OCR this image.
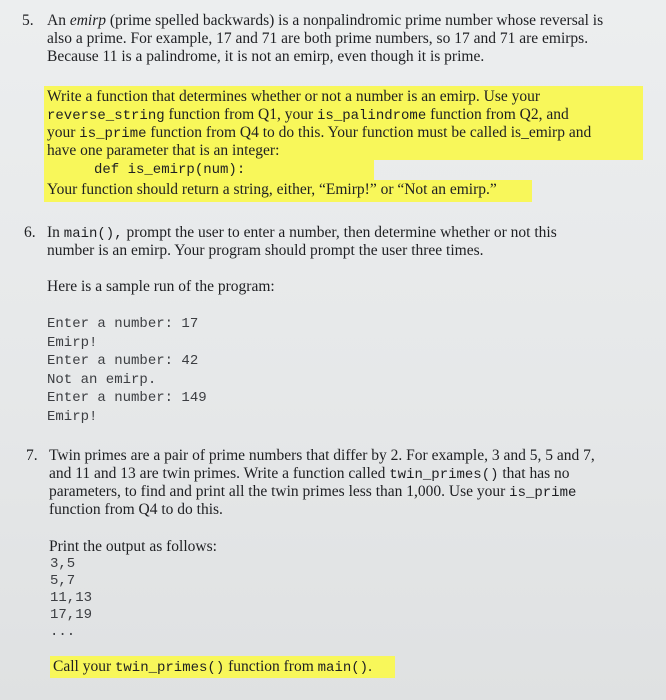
5. An emirp (prime spelled backwards) is a nonpalindromic prime number whose reversal is
also a prime. For example, 17 and 71 are both prime numbers, so 17 and 71 are emirps.
Because 11 is a palindrome, it is not an emirp, even though it is prime.
Write a function that determines whether or not a number is an emirp. Use your
reverse_string function from Q1, your is_palindrome function from Q2, and
your is_prime function from Q4 to do this. Your function must be called is_emirp and
have one parameter that is an integer:
def is_emirp(num):
Your function should return a string, either, “Emirp!” or “Not an emirp.”
6. In main(), prompt the user to enter a number, then determine whether or not this
number is an emirp. Your program should prompt the user three times.
Here is a sample run of the program:
Enter a number: 17
Emirp!
Enter a number: 42
Not an emirp.
Enter a number: 149
Emirp!
7. Twin primes are a pair of prime numbers that differ by 2. For example, 3 and 5, 5 and 7,
and 11 and 13 are twin primes. Write a function called twin_primes() that has no
parameters, to find and print all the twin primes less than 1,000. Use your is_prime
function from Q4 to do this.
Print the output as follows:
3,5
5,7
11,13
17,19
...
Call your twin_primes() function from main().
